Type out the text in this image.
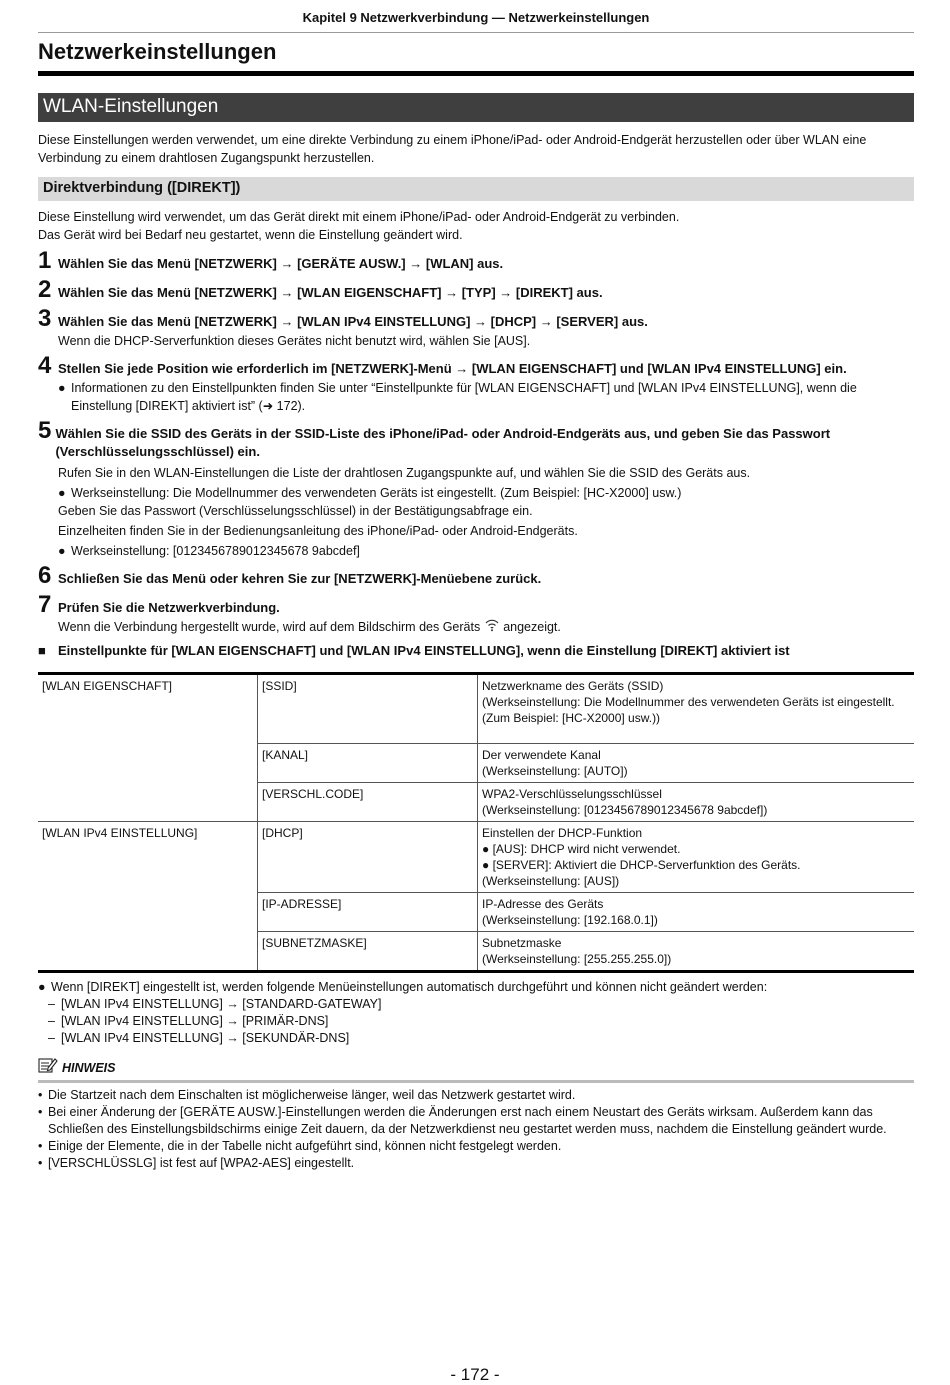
Kapitel 9 Netzwerkverbindung — Netzwerkeinstellungen
Netzwerkeinstellungen
WLAN-Einstellungen

Diese Einstellungen werden verwendet, um eine direkte Verbindung zu einem iPhone/iPad- oder Android-Endgerät herzustellen oder über WLAN eine Verbindung zu einem drahtlosen Zugangspunkt herzustellen.

Direktverbindung ([DIREKT])

Diese Einstellung wird verwendet, um das Gerät direkt mit einem iPhone/iPad- oder Android-Endgerät zu verbinden.

Das Gerät wird bei Bedarf neu gestartet, wenn die Einstellung geändert wird.

1 Wählen Sie das Menü [NETZWERK] → [GERÄTE AUSW.] → [WLAN] aus.
2 Wählen Sie das Menü [NETZWERK] → [WLAN EIGENSCHAFT] → [TYP] → [DIREKT] aus.
3 Wählen Sie das Menü [NETZWERK] → [WLAN IPv4 EINSTELLUNG] → [DHCP] → [SERVER] aus.
Wenn die DHCP-Serverfunktion dieses Gerätes nicht benutzt wird, wählen Sie [AUS].
4 Stellen Sie jede Position wie erforderlich im [NETZWERK]-Menü → [WLAN EIGENSCHAFT] und [WLAN IPv4 EINSTELLUNG] ein.
● Informationen zu den Einstellpunkten finden Sie unter “Einstellpunkte für [WLAN EIGENSCHAFT] und [WLAN IPv4 EINSTELLUNG], wenn die Einstellung [DIREKT] aktiviert ist” (➜ 172).
5 Wählen Sie die SSID des Geräts in der SSID-Liste des iPhone/iPad- oder Android-Endgeräts aus, und geben Sie das Passwort (Verschlüsselungsschlüssel) ein.
Rufen Sie in den WLAN-Einstellungen die Liste der drahtlosen Zugangspunkte auf, und wählen Sie die SSID des Geräts aus.
● Werkseinstellung: Die Modellnummer des verwendeten Geräts ist eingestellt. (Zum Beispiel: [HC-X2000] usw.)
Geben Sie das Passwort (Verschlüsselungsschlüssel) in der Bestätigungsabfrage ein.
Einzelheiten finden Sie in der Bedienungsanleitung des iPhone/iPad- oder Android-Endgeräts.
● Werkseinstellung: [0123456789012345678 9abcdef]
6 Schließen Sie das Menü oder kehren Sie zur [NETZWERK]-Menüebene zurück.
7 Prüfen Sie die Netzwerkverbindung.
Wenn die Verbindung hergestellt wurde, wird auf dem Bildschirm des Geräts angezeigt.
■ Einstellpunkte für [WLAN EIGENSCHAFT] und [WLAN IPv4 EINSTELLUNG], wenn die Einstellung [DIREKT] aktiviert ist
[WLAN EIGENSCHAFT]	[SSID]	Netzwerkname des Geräts (SSID)
(Werkseinstellung: Die Modellnummer des verwendeten Geräts ist eingestellt.
(Zum Beispiel: [HC-X2000] usw.))

	[KANAL]	Der verwendete Kanal
(Werkseinstellung: [AUTO])

	[VERSCHL.CODE]	WPA2-Verschlüsselungsschlüssel
(Werkseinstellung: [0123456789012345678 9abcdef])

[WLAN IPv4 EINSTELLUNG]	[DHCP]	Einstellen der DHCP-Funktion
● [AUS]: DHCP wird nicht verwendet.
● [SERVER]: Aktiviert die DHCP-Serverfunktion des Geräts.
(Werkseinstellung: [AUS])

	[IP-ADRESSE]	IP-Adresse des Geräts
(Werkseinstellung: [192.168.0.1])

	[SUBNETZMASKE]	Subnetzmaske
(Werkseinstellung: [255.255.255.0])
● Wenn [DIREKT] eingestellt ist, werden folgende Menüeinstellungen automatisch durchgeführt und können nicht geändert werden:
– [WLAN IPv4 EINSTELLUNG] → [STANDARD-GATEWAY]
– [WLAN IPv4 EINSTELLUNG] → [PRIMÄR-DNS]
– [WLAN IPv4 EINSTELLUNG] → [SEKUNDÄR-DNS]
HINWEIS
• Die Startzeit nach dem Einschalten ist möglicherweise länger, weil das Netzwerk gestartet wird.
• Bei einer Änderung der [GERÄTE AUSW.]-Einstellungen werden die Änderungen erst nach einem Neustart des Geräts wirksam. Außerdem kann das Schließen des Einstellungsbildschirms einige Zeit dauern, da der Netzwerkdienst neu gestartet werden muss, nachdem die Einstellung geändert wurde.
• Einige der Elemente, die in der Tabelle nicht aufgeführt sind, können nicht festgelegt werden.
• [VERSCHLÜSSLG] ist fest auf [WPA2-AES] eingestellt.
- 172 -
